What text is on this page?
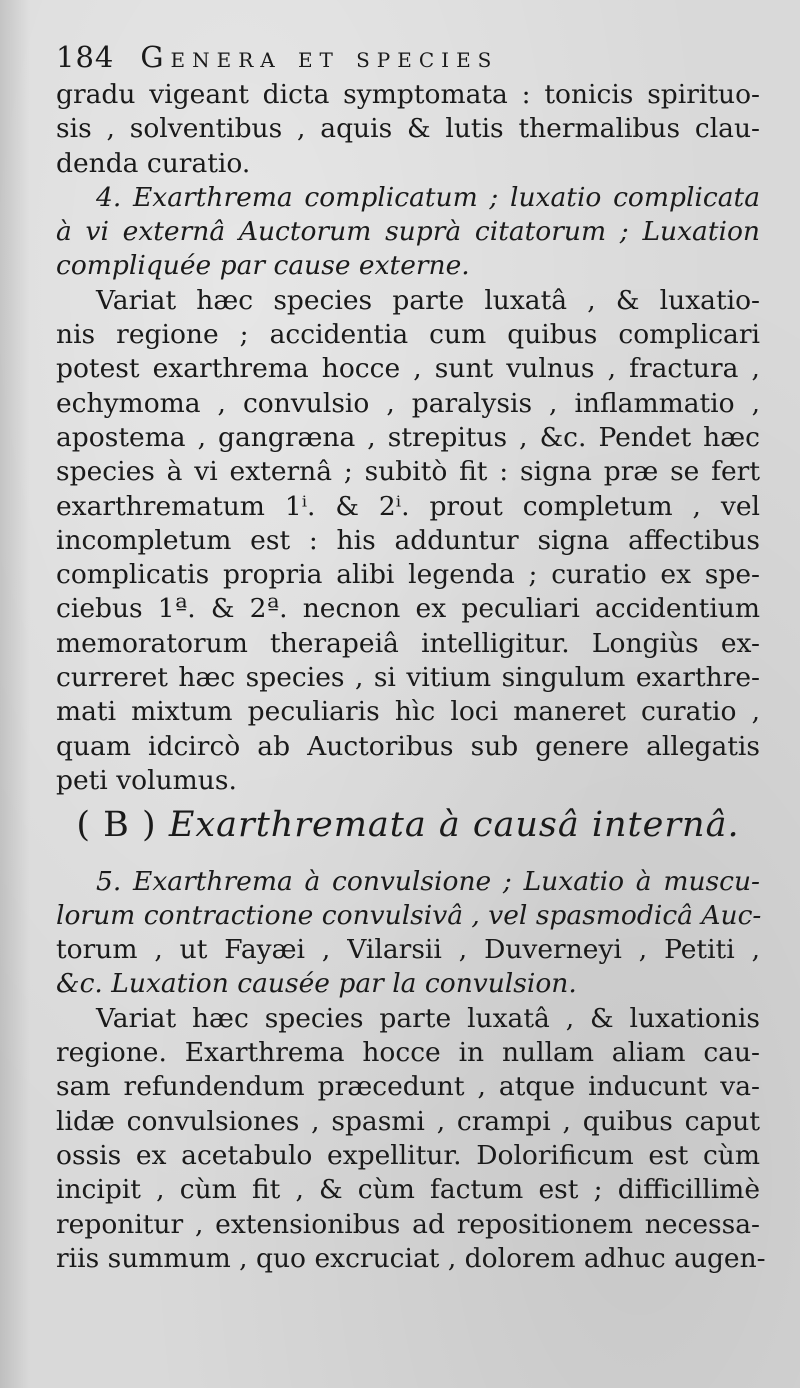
184 Genera et species
gradu vigeant dicta symptomata : tonicis spirituo-
sis , solventibus , aquis & lutis thermalibus clau-
denda curatio.
4. Exarthrema complicatum ; luxatio complicata
à vi externâ Auctorum suprà citatorum ; Luxation
compliquée par cause externe.
Variat hæc species parte luxatâ , & luxatio-
nis regione ; accidentia cum quibus complicari
potest exarthrema hocce , sunt vulnus , fractura ,
echymoma , convulsio , paralysis , inflammatio ,
apostema , gangræna , strepitus , &c. Pendet hæc
species à vi externâ ; subitò fit : signa præ se fert
exarthrematum 1ⁱ. & 2ⁱ. prout completum , vel
incompletum est : his adduntur signa affectibus
complicatis propria alibi legenda ; curatio ex spe-
ciebus 1ª. & 2ª. necnon ex peculiari accidentium
memoratorum therapeiâ intelligitur. Longiùs ex-
curreret hæc species , si vitium singulum exarthre-
mati mixtum peculiaris hìc loci maneret curatio ,
quam idcircò ab Auctoribus sub genere allegatis
peti volumus.
( B ) Exarthremata à causâ internâ.
5. Exarthrema à convulsione ; Luxatio à muscu-
lorum contractione convulsivâ , vel spasmodicâ Auc-
torum , ut Fayæi , Vilarsii , Duverneyi , Petiti ,
&c. Luxation causée par la convulsion.
Variat hæc species parte luxatâ , & luxationis
regione. Exarthrema hocce in nullam aliam cau-
sam refundendum præcedunt , atque inducunt va-
lidæ convulsiones , spasmi , crampi , quibus caput
ossis ex acetabulo expellitur. Dolorificum est cùm
incipit , cùm fit , & cùm factum est ; difficillimè
reponitur , extensionibus ad repositionem necessa-
riis summum , quo excruciat , dolorem adhuc augen-
